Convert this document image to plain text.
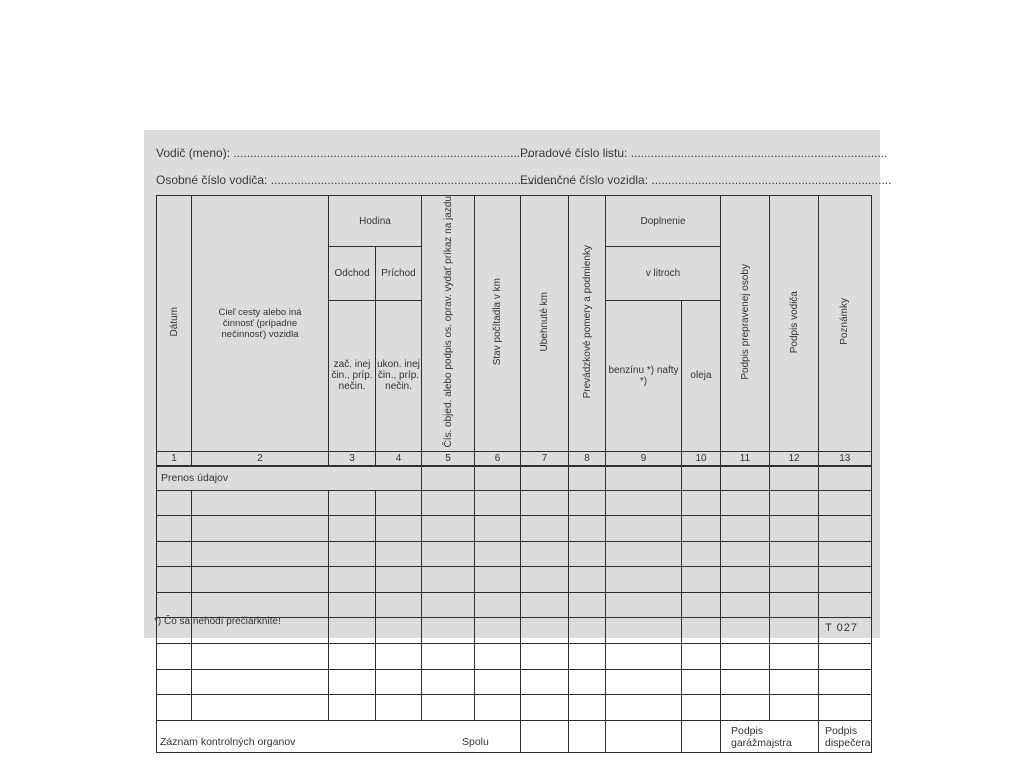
Vodič (meno): ..........................................................................................
Poradové číslo listu: .............................................................................
Osobné číslo vodiča: ......................................................................................
Evidenčné číslo vozidla: ........................................................................
Dátum	Cieľ cesty alebo iná činnosť (prípadne nečinnosť) vozidla	Hodina		Čís. objed. alebo podpis os. oprav. vydať príkaz na jazdu	Stav počítadla v km	Ubehnuté km	Prevádzkové pomery a podmienky	Doplnenie		Podpis prepravenej osoby	Podpis vodiča	Poznámky
		Odchod	Príchod					v litroch				
		zač. inej čin., príp. nečin.	ukon. inej čin., príp. nečin.					benzínu *) nafty *)	oleja			
1	2	3	4	5	6	7	8	9	10	11	12	13
Prenos údajov												

Záznam kontrolných organov Spolu										Podpis garážmajstra		Podpis dispečera
*) Čo sa nehodí prečiarknite!
T 027
